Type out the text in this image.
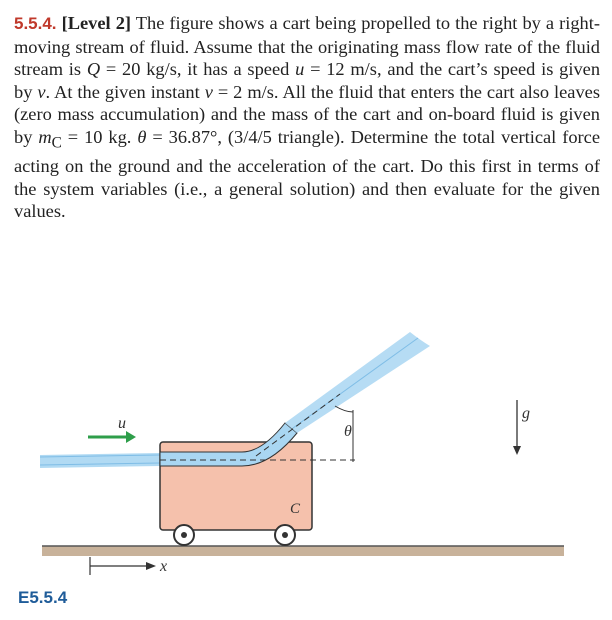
5.5.4. [Level 2] The figure shows a cart being propelled to the right by a right-moving stream of fluid. Assume that the originating mass flow rate of the fluid stream is Q = 20 kg/s, it has a speed u = 12 m/s, and the cart’s speed is given by v. At the given instant v = 2 m/s. All the fluid that enters the cart also leaves (zero mass accumulation) and the mass of the cart and on-board fluid is given by $m_C = 10$ kg. θ = 36.87°, (3/4/5 triangle). Determine the total vertical force acting on the ground and the acceleration of the cart. Do this first in terms of the system variables (i.e., a general solution) and then evaluate for the given values.
θ
u
C
g
x
E5.5.4
